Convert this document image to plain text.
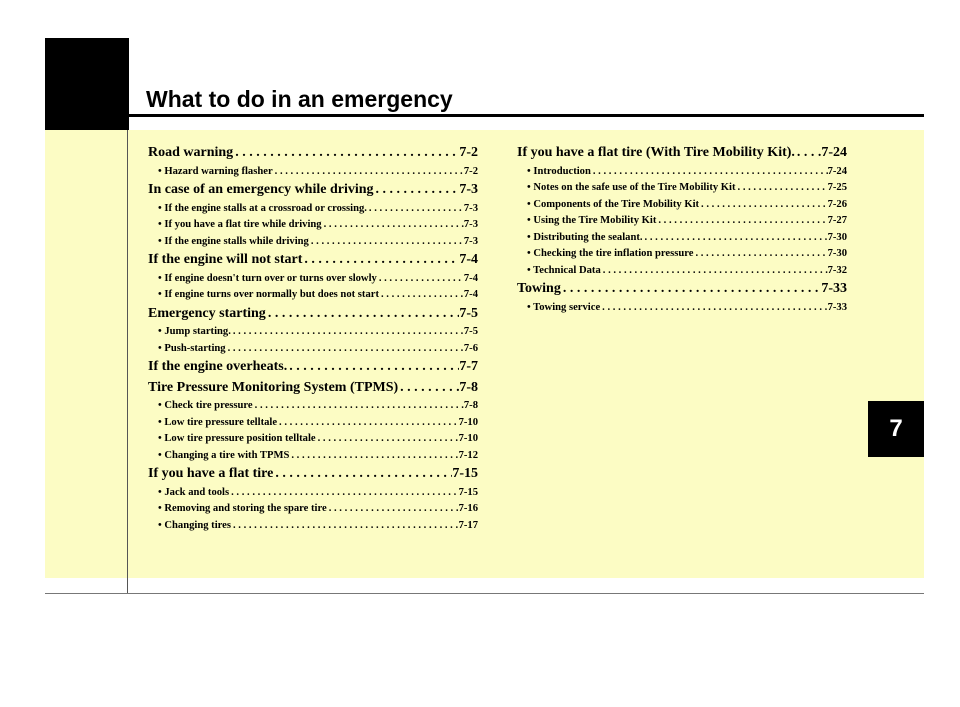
What to do in an emergency
Road warning . . .	7-2
• Hazard warning flasher . . .	7-2
In case of an emergency while driving . . .	7-3
• If the engine stalls at a crossroad or crossing. . . .	7-3
• If you have a flat tire while driving . . .	7-3
• If the engine stalls while driving . . .	7-3
If the engine will not start . . .	7-4
• If engine doesn't turn over or turns over slowly . . .	7-4
• If engine turns over normally but does not start . . .	7-4
Emergency starting . . .	7-5
• Jump starting. . . .	7-5
• Push-starting . . .	7-6
If the engine overheats. . . .	7-7
Tire Pressure Monitoring System (TPMS) . . .	7-8
• Check tire pressure . . .	7-8
• Low tire pressure telltale . . .	7-10
• Low tire pressure position telltale . . .	7-10
• Changing a tire with TPMS . . .	7-12
If you have a flat tire . . .	7-15
• Jack and tools . . .	7-15
• Removing and storing the spare tire . . .	7-16
• Changing tires . . .	7-17
If you have a flat tire (With Tire Mobility Kit). . . . 7-24
• Introduction . . .	7-24
• Notes on the safe use of the Tire Mobility Kit . . .	7-25
• Components of the Tire Mobility Kit . . .	7-26
• Using the Tire Mobility Kit . . .	7-27
• Distributing the sealant. . . .	7-30
• Checking the tire inflation pressure . . .	7-30
• Technical Data . . .	7-32
Towing . . .	7-33
• Towing service . . .	7-33
7
